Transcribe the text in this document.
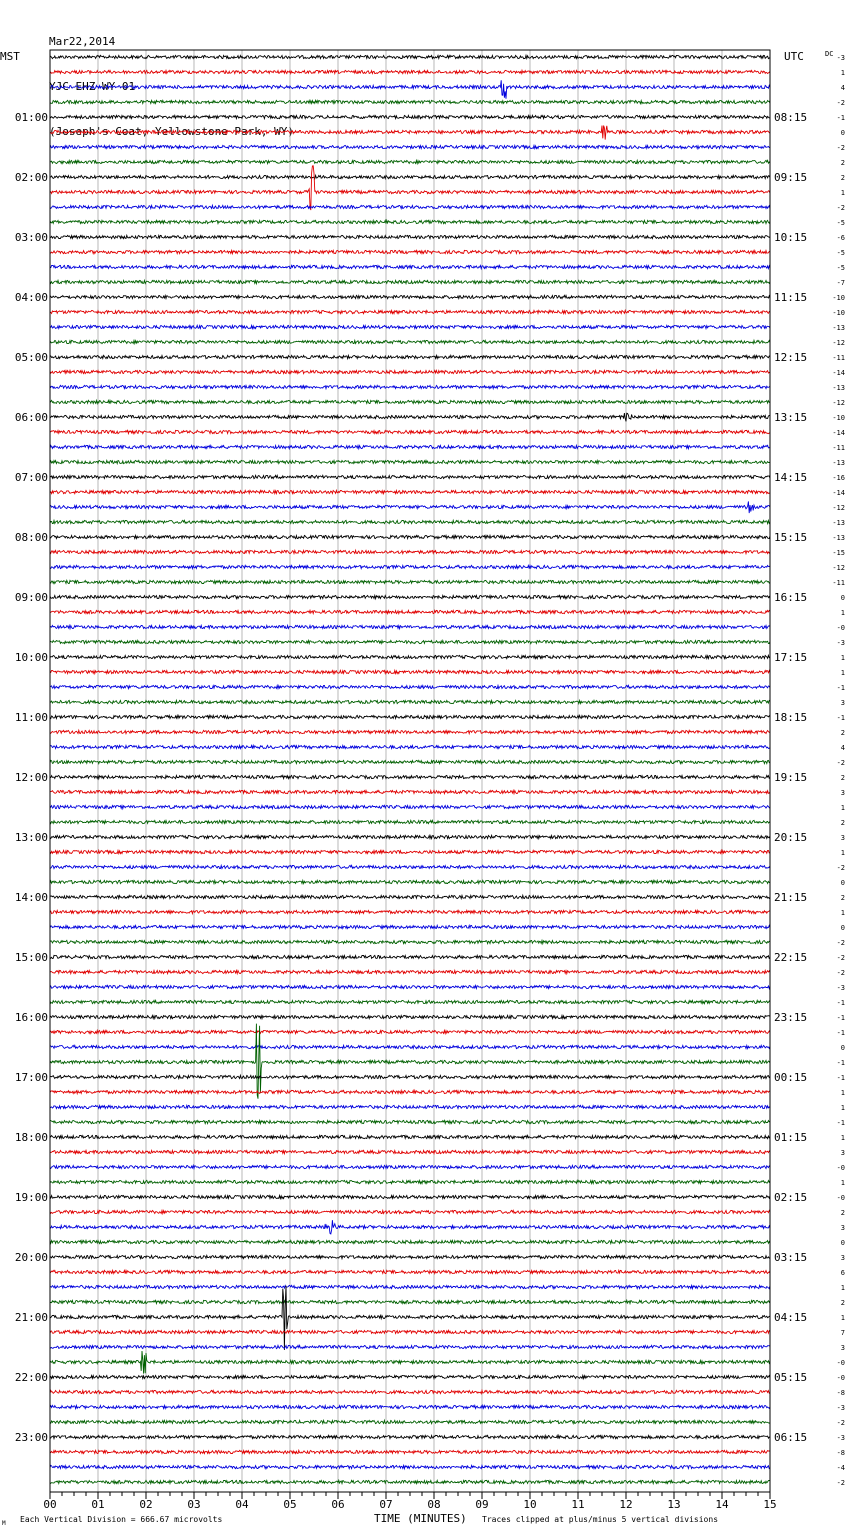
Mar22,2014

YJC EHZ WY 01

(Joseph's Coat, Yellowstone Park, WY)

MST	UTC	DC
01:00
02:00
03:00
04:00
05:00
06:00
07:00
08:00
09:00
10:00
11:00
12:00
13:00
14:00
15:00
16:00
17:00
18:00
19:00
20:00
21:00
22:00
23:00
08:15
09:15
10:15
11:15
12:15
13:15
14:15
15:15
16:15
17:15
18:15
19:15
20:15
21:15
22:15
23:15
00:15
01:15
02:15
03:15
04:15
05:15
06:15
-3
1
4
-2
-1
0
-2
2
2
1
-2
-5
-6
-5
-5
-7
-10
-10
-13
-12
-11
-14
-13
-12
-10
-14
-11
-13
-16
-14
-12
-13
-13
-15
-12
-11
0
1
-0
-3
1
1
-1
3
-1
2
4
-2
2
3
1
2
3
1
-2
0
2
1
0
-2
-2
-2
-3
-1
-1
-1
0
-1
-1
1
1
-1
1
3
-0
1
-0
2
3
0
3
6
1
2
1
7
3
-0
-0
-8
-3
-2
-3
-8
-4
-2
00	01	02	03	04	05	06	07	08	09	10	11	12	13	14	15
Each Vertical Division = 666.67 microvolts	TIME (MINUTES) Traces clipped at plus/minus 5 vertical divisions
M
